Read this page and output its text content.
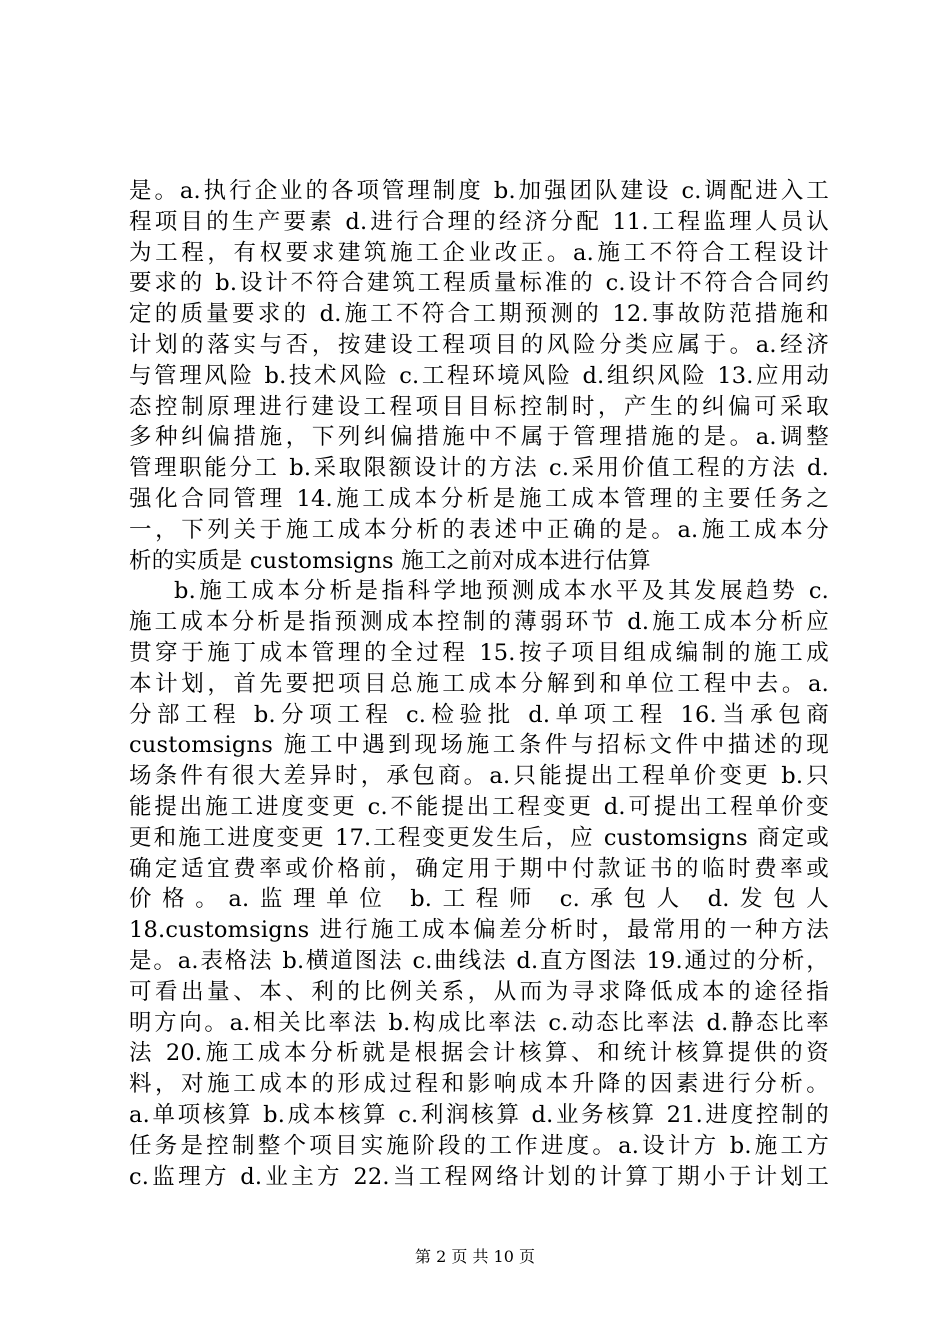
是。a.执行企业的各项管理制度 b.加强团队建设 c.调配进入工
程项目的生产要素 d.进行合理的经济分配 11.工程监理人员认
为工程，有权要求建筑施工企业改正。a.施工不符合工程设计
要求的 b.设计不符合建筑工程质量标准的 c.设计不符合合同约
定的质量要求的 d.施工不符合工期预测的 12.事故防范措施和
计划的落实与否，按建设工程项目的风险分类应属于。a.经济
与管理风险 b.技术风险 c.工程环境风险 d.组织风险 13.应用动
态控制原理进行建设工程项目目标控制时，产生的纠偏可采取
多种纠偏措施，下列纠偏措施中不属于管理措施的是。a.调整
管理职能分工 b.采取限额设计的方法 c.采用价值工程的方法 d.
强化合同管理 14.施工成本分析是施工成本管理的主要任务之
一，下列关于施工成本分析的表述中正确的是。a.施工成本分
析的实质是 customsigns 施工之前对成本进行估算
b.施工成本分析是指科学地预测成本水平及其发展趋势 c.
施工成本分析是指预测成本控制的薄弱环节 d.施工成本分析应
贯穿于施丁成本管理的全过程 15.按子项目组成编制的施工成
本计划，首先要把项目总施工成本分解到和单位工程中去。a.
分部工程 b.分项工程 c.检验批 d.单项工程 16.当承包商
customsigns 施工中遇到现场施工条件与招标文件中描述的现
场条件有很大差异时，承包商。a.只能提出工程单价变更 b.只
能提出施工进度变更 c.不能提出工程变更 d.可提出工程单价变
更和施工进度变更 17.工程变更发生后，应 customsigns 商定或
确定适宜费率或价格前，确定用于期中付款证书的临时费率或
价格。a.监理单位 b.工程师 c.承包人 d.发包人
18.customsigns 进行施工成本偏差分析时，最常用的一种方法
是。a.表格法 b.横道图法 c.曲线法 d.直方图法 19.通过的分析，
可看出量、本、利的比例关系，从而为寻求降低成本的途径指
明方向。a.相关比率法 b.构成比率法 c.动态比率法 d.静态比率
法 20.施工成本分析就是根据会计核算、和统计核算提供的资
料，对施工成本的形成过程和影响成本升降的因素进行分析。
a.单项核算 b.成本核算 c.利润核算 d.业务核算 21.进度控制的
任务是控制整个项目实施阶段的工作进度。a.设计方 b.施工方
c.监理方 d.业主方 22.当工程网络计划的计算丁期小于计划工
第 2 页 共 10 页
